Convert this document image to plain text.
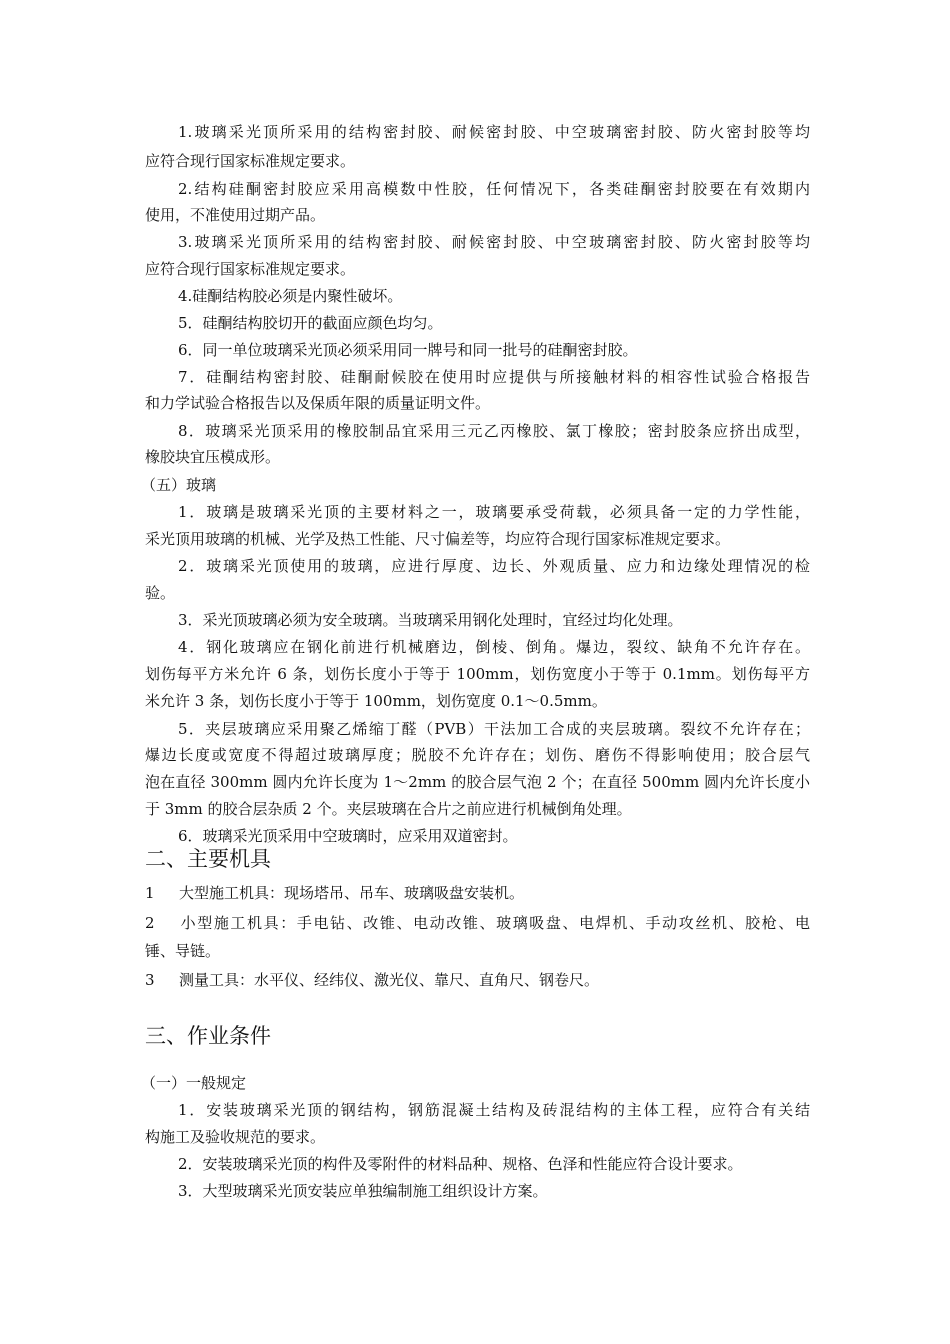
1.玻璃采光顶所采用的结构密封胶、耐候密封胶、中空玻璃密封胶、防火密封胶等均
应符合现行国家标准规定要求。
2.结构硅酮密封胶应采用高模数中性胶，任何情况下，各类硅酮密封胶要在有效期内
使用，不准使用过期产品。
3.玻璃采光顶所采用的结构密封胶、耐候密封胶、中空玻璃密封胶、防火密封胶等均
应符合现行国家标准规定要求。
4.硅酮结构胶必须是内聚性破坏。
5．硅酮结构胶切开的截面应颜色均匀。
6．同一单位玻璃采光顶必须采用同一牌号和同一批号的硅酮密封胶。
7．硅酮结构密封胶、硅酮耐候胶在使用时应提供与所接触材料的相容性试验合格报告
和力学试验合格报告以及保质年限的质量证明文件。
8．玻璃采光顶采用的橡胶制品宜采用三元乙丙橡胶、氯丁橡胶；密封胶条应挤出成型，
橡胶块宜压模成形。
（五）玻璃
1．玻璃是玻璃采光顶的主要材料之一，玻璃要承受荷载，必须具备一定的力学性能，
采光顶用玻璃的机械、光学及热工性能、尺寸偏差等，均应符合现行国家标准规定要求。
2．玻璃采光顶使用的玻璃，应进行厚度、边长、外观质量、应力和边缘处理情况的检
验。
3．采光顶玻璃必须为安全玻璃。当玻璃采用钢化处理时，宜经过均化处理。
4．钢化玻璃应在钢化前进行机械磨边，倒棱、倒角。爆边，裂纹、缺角不允许存在。
划伤每平方米允许 6 条，划伤长度小于等于 100mm，划伤宽度小于等于 0.1mm。划伤每平方
米允许 3 条，划伤长度小于等于 100mm，划伤宽度 0.1～0.5mm。
5．夹层玻璃应采用聚乙烯缩丁醛（PVB）干法加工合成的夹层玻璃。裂纹不允许存在；
爆边长度或宽度不得超过玻璃厚度；脱胶不允许存在；划伤、磨伤不得影响使用；胶合层气
泡在直径 300mm 圆内允许长度为 1～2mm 的胶合层气泡 2 个；在直径 500mm 圆内允许长度小
于 3mm 的胶合层杂质 2 个。夹层玻璃在合片之前应进行机械倒角处理。
6．玻璃采光顶采用中空玻璃时，应采用双道密封。
二、主要机具
1 大型施工机具：现场塔吊、吊车、玻璃吸盘安装机。
2 小型施工机具：手电钻、改锥、电动改锥、玻璃吸盘、电焊机、手动攻丝机、胶枪、电
锤、导链。
3 测量工具：水平仪、经纬仪、激光仪、靠尺、直角尺、钢卷尺。
三、作业条件
（一）一般规定
1．安装玻璃采光顶的钢结构，钢筋混凝土结构及砖混结构的主体工程，应符合有关结
构施工及验收规范的要求。
2．安装玻璃采光顶的构件及零附件的材料品种、规格、色泽和性能应符合设计要求。
3．大型玻璃采光顶安装应单独编制施工组织设计方案。
